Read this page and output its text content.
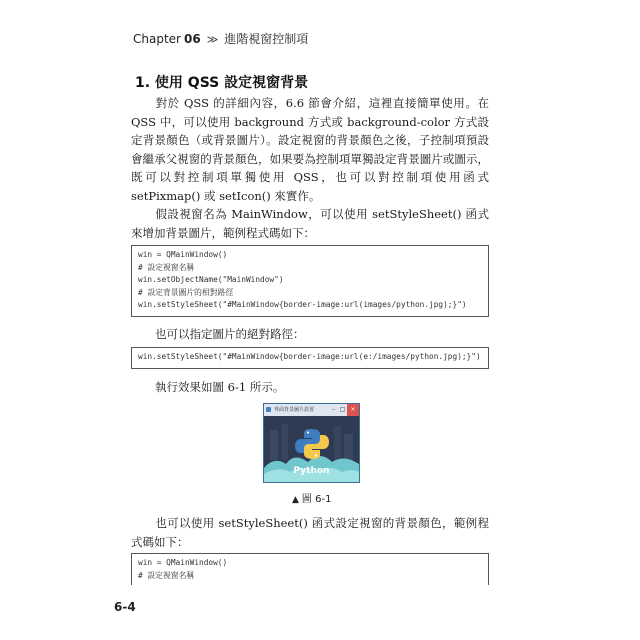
Chapter 06 ≫ 進階視窗控制項
1. 使用 QSS 設定視窗背景

對於 QSS 的詳細內容，6.6 節會介紹，這裡直接簡單使用。在 QSS 中，可以使用 background 方式或 background-color 方式設定背景顏色（或背景圖片）。設定視窗的背景顏色之後，子控制項預設會繼承父視窗的背景顏色，如果要為控制項單獨設定背景圖片或圖示，既可以對控制項單獨使用 QSS，也可以對控制項使用函式 setPixmap() 或 setIcon() 來實作。

假設視窗名為 MainWindow，可以使用 setStyleSheet() 函式來增加背景圖片，範例程式碼如下：

win = QMainWindow()
# 設定視窗名稱
win.setObjectName("MainWindow")
# 設定背景圖片的相對路徑
win.setStyleSheet("#MainWindow{border-image:url(images/python.jpg);}")

也可以指定圖片的絕對路徑：

win.setStyleSheet("#MainWindow{border-image:url(e:/images/python.jpg);}")

執行效果如圖 6-1 所示。

界面背景圖片設置	– □ ×
Python
▲ 圖 6-1

也可以使用 setStyleSheet() 函式設定視窗的背景顏色，範例程式碼如下：

win = QMainWindow()
# 設定視窗名稱
6-4
